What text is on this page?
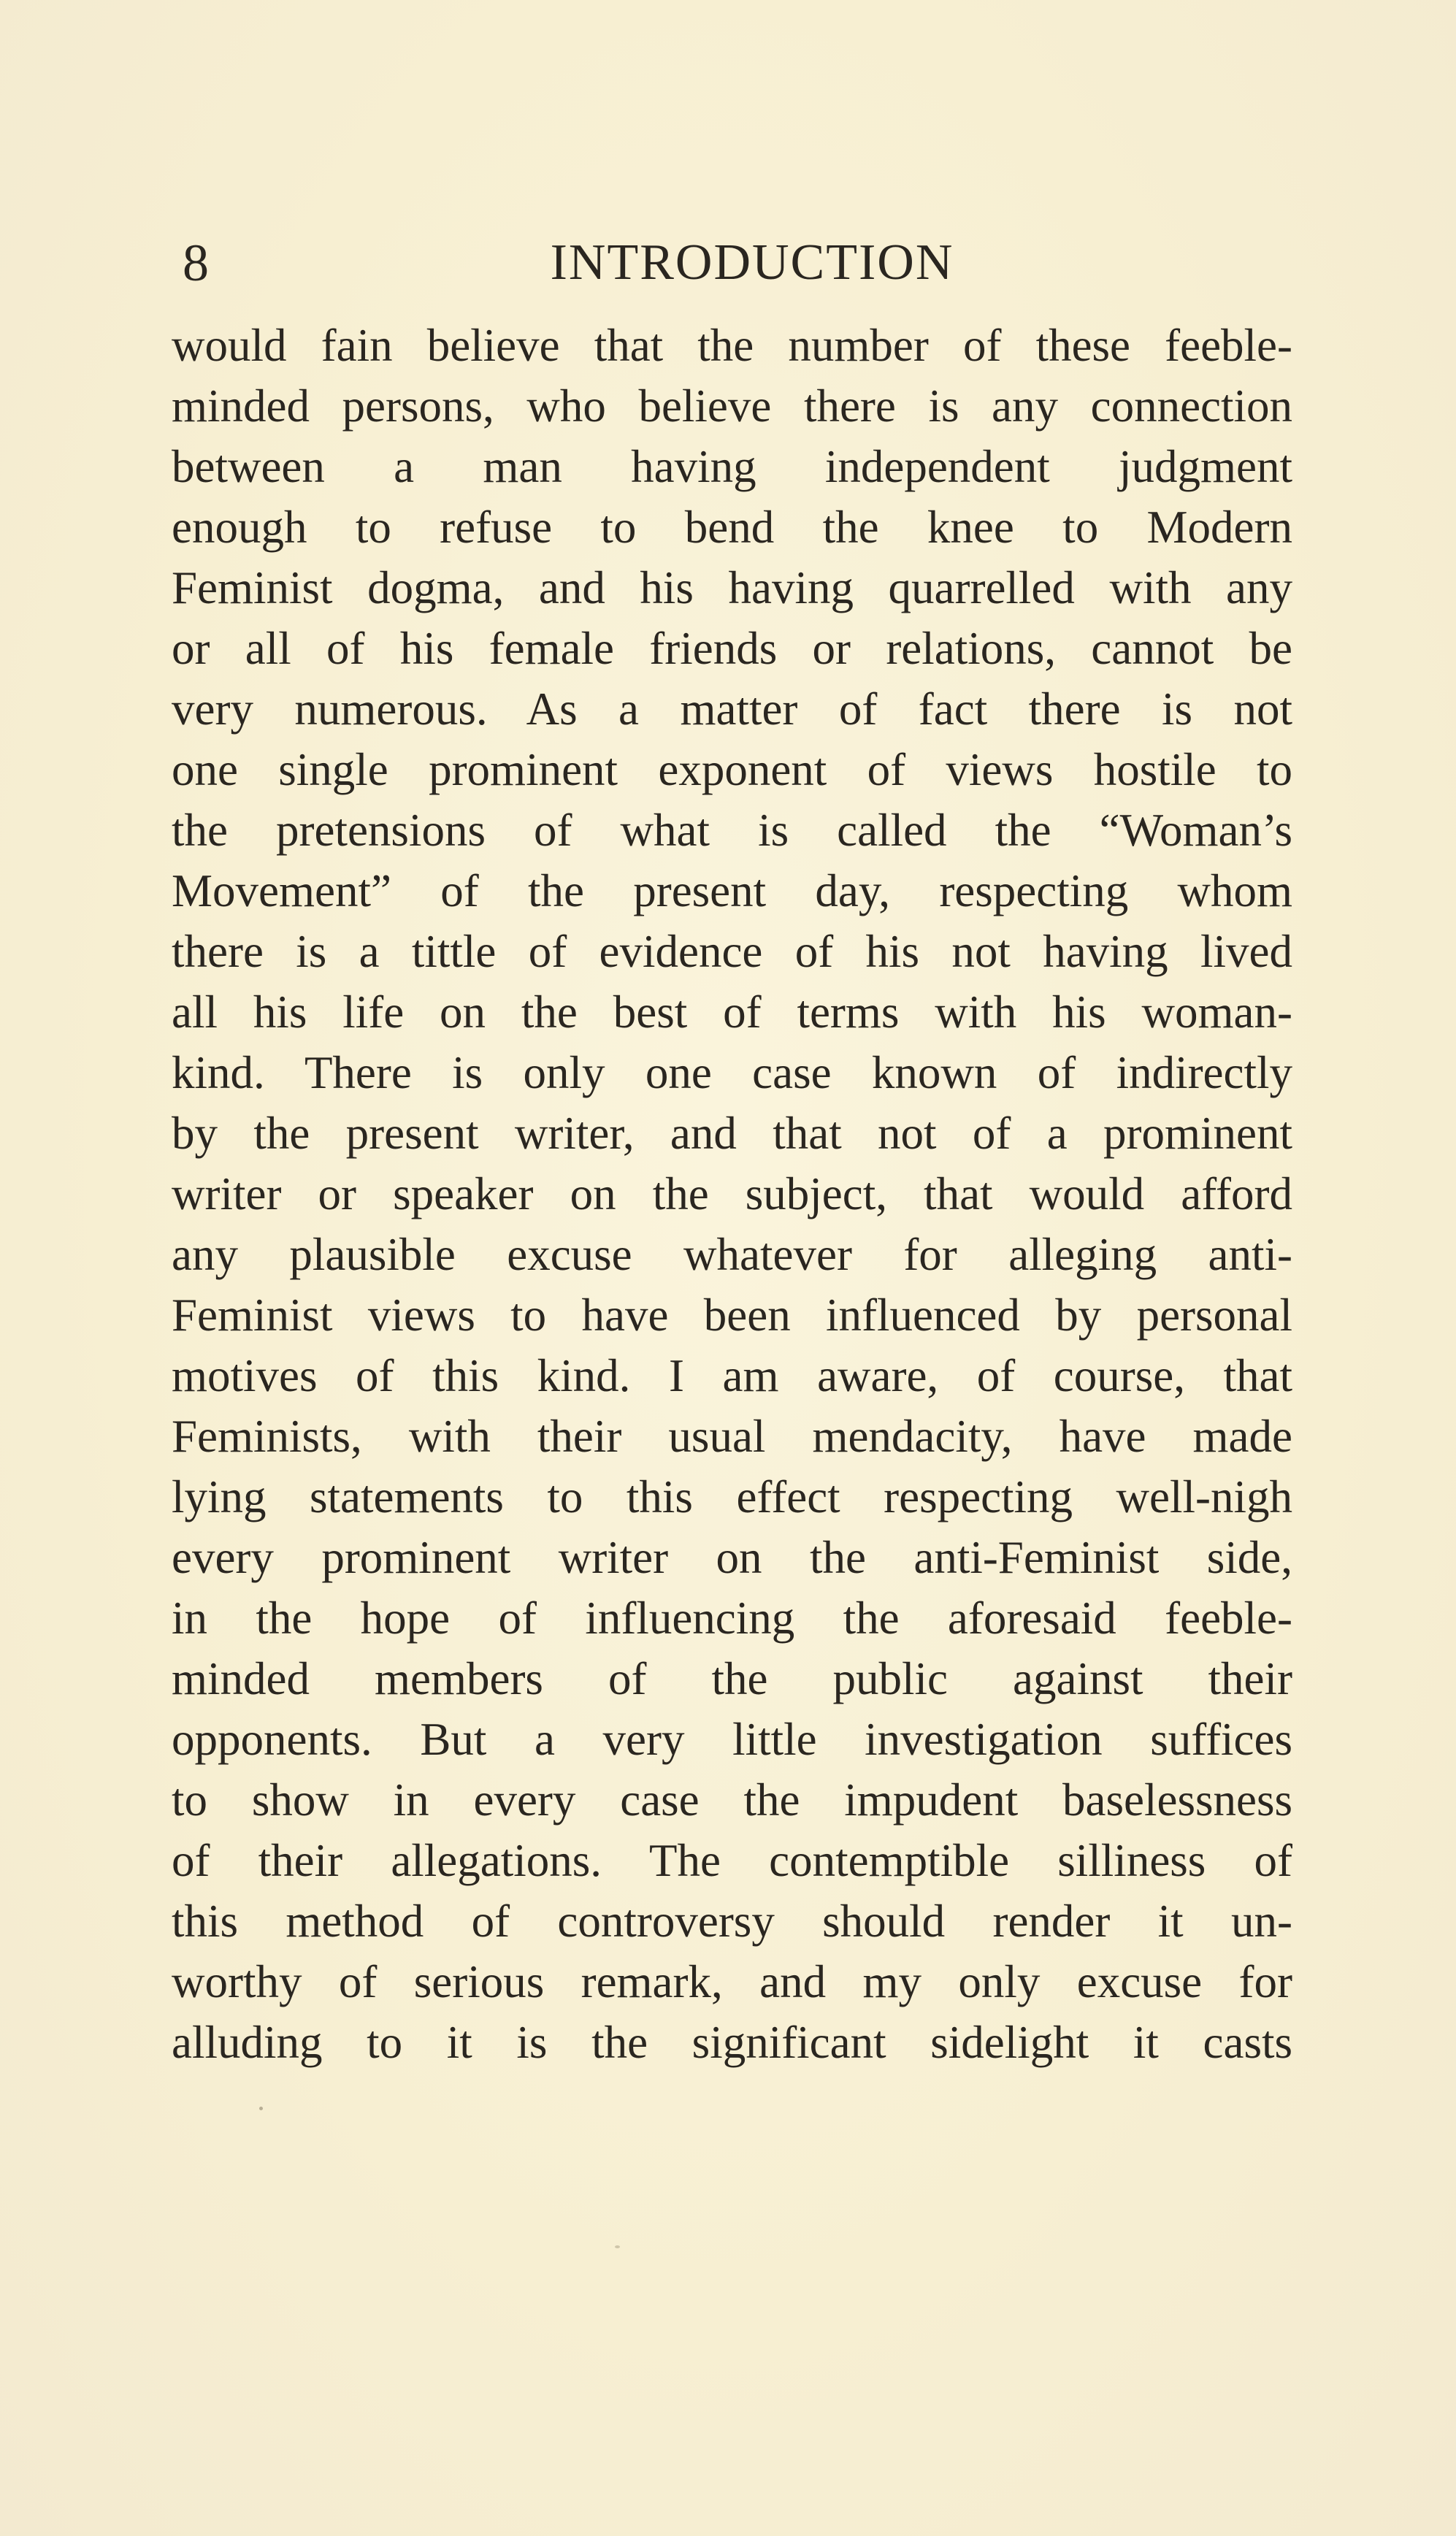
8	INTRODUCTION
would fain believe that the number of these feeble-
minded persons, who believe there is any connection
between a man having independent judgment
enough to refuse to bend the knee to Modern
Feminist dogma, and his having quarrelled with any
or all of his female friends or relations, cannot be
very numerous. As a matter of fact there is not
one single prominent exponent of views hostile to
the pretensions of what is called the “Woman’s
Movement” of the present day, respecting whom
there is a tittle of evidence of his not having lived
all his life on the best of terms with his woman-
kind. There is only one case known of indirectly
by the present writer, and that not of a prominent
writer or speaker on the subject, that would afford
any plausible excuse whatever for alleging anti-
Feminist views to have been influenced by personal
motives of this kind. I am aware, of course, that
Feminists, with their usual mendacity, have made
lying statements to this effect respecting well-nigh
every prominent writer on the anti-Feminist side,
in the hope of influencing the aforesaid feeble-
minded members of the public against their
opponents. But a very little investigation suffices
to show in every case the impudent baselessness
of their allegations. The contemptible silliness of
this method of controversy should render it un-
worthy of serious remark, and my only excuse for
alluding to it is the significant sidelight it casts
